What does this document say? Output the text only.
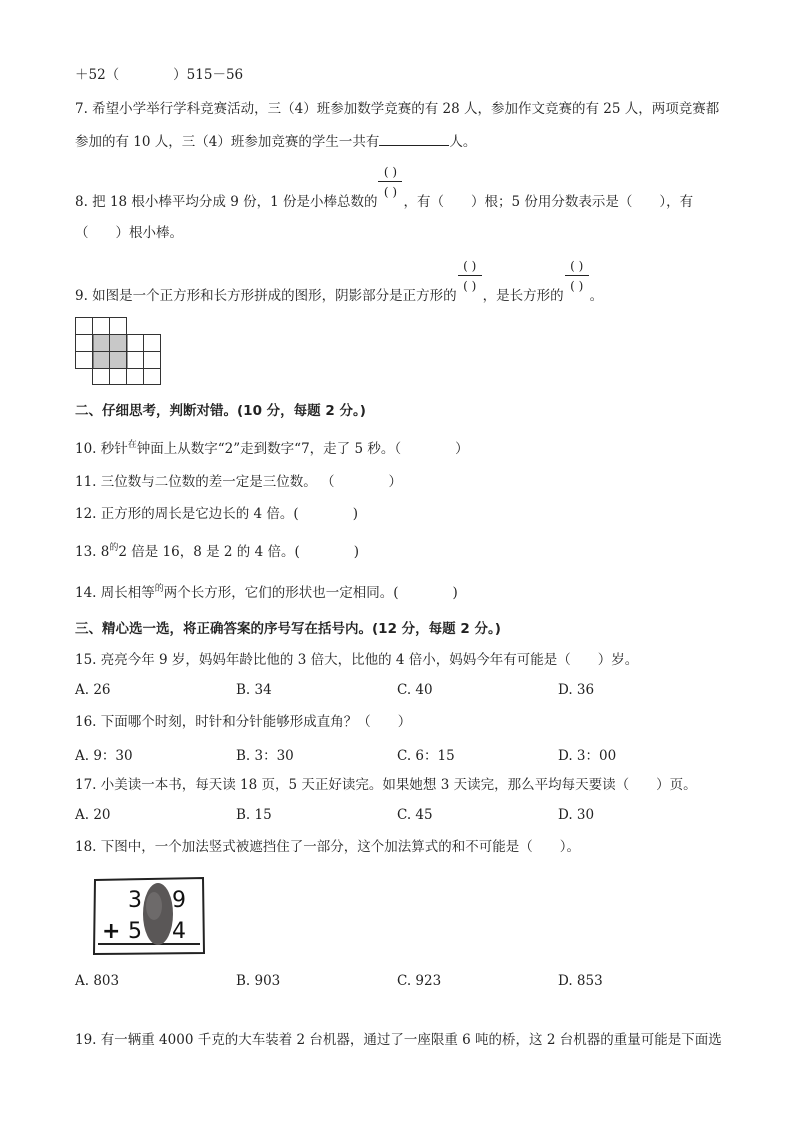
＋52（　　　　）515－56
7. 希望小学举行学科竞赛活动，三（4）班参加数学竞赛的有 28 人，参加作文竞赛的有 25 人，两项竞赛都
参加的有 10 人，三（4）班参加竞赛的学生一共有	人。
8. 把 18 根小棒平均分成 9 份，1 份是小棒总数的 $\frac{( )}{( )}$ ，有（　　）根；5 份用分数表示是（　　），有
（　　）根小棒。
9. 如图是一个正方形和长方形拼成的图形，阴影部分是正方形的 $\frac{( )}{( )}$ ，是长方形的 $\frac{( )}{( )}$ 。
二、仔细思考，判断对错。(10 分，每题 2 分。)
10. 秒针$^在$钟面上从数字“2”走到数字“7，走了 5 秒。（　　　　）
11. 三位数与二位数的差一定是三位数。 （　　　　）
12. 正方形的周长是它边长的 4 倍。(　　　　)
13. $8^的2$ 倍是 16，8 是 2 的 4 倍。(　　　　)
14. 周长相等$^的$两个长方形，它们的形状也一定相同。(　　　　)
三、精心选一选，将正确答案的序号写在括号内。(12 分，每题 2 分。)
15. 亮亮今年 9 岁，妈妈年龄比他的 3 倍大，比他的 4 倍小，妈妈今年有可能是（　　）岁。
A. 26	B. 34	C. 40	D. 36
16. 下面哪个时刻，时针和分针能够形成直角？（　　）
A. 9：30	B. 3：30	C. 6：15	D. 3：00
17. 小美读一本书，每天读 18 页，5 天正好读完。如果她想 3 天读完，那么平均每天要读（　　）页。
A. 20	B. 15	C. 45	D. 30
18. 下图中，一个加法竖式被遮挡住了一部分，这个加法算式的和不可能是（　　）。
3 9
+ 5 4
A. 803	B. 903	C. 923	D. 853
19. 有一辆重 4000 千克的大车装着 2 台机器，通过了一座限重 6 吨的桥，这 2 台机器的重量可能是下面选
